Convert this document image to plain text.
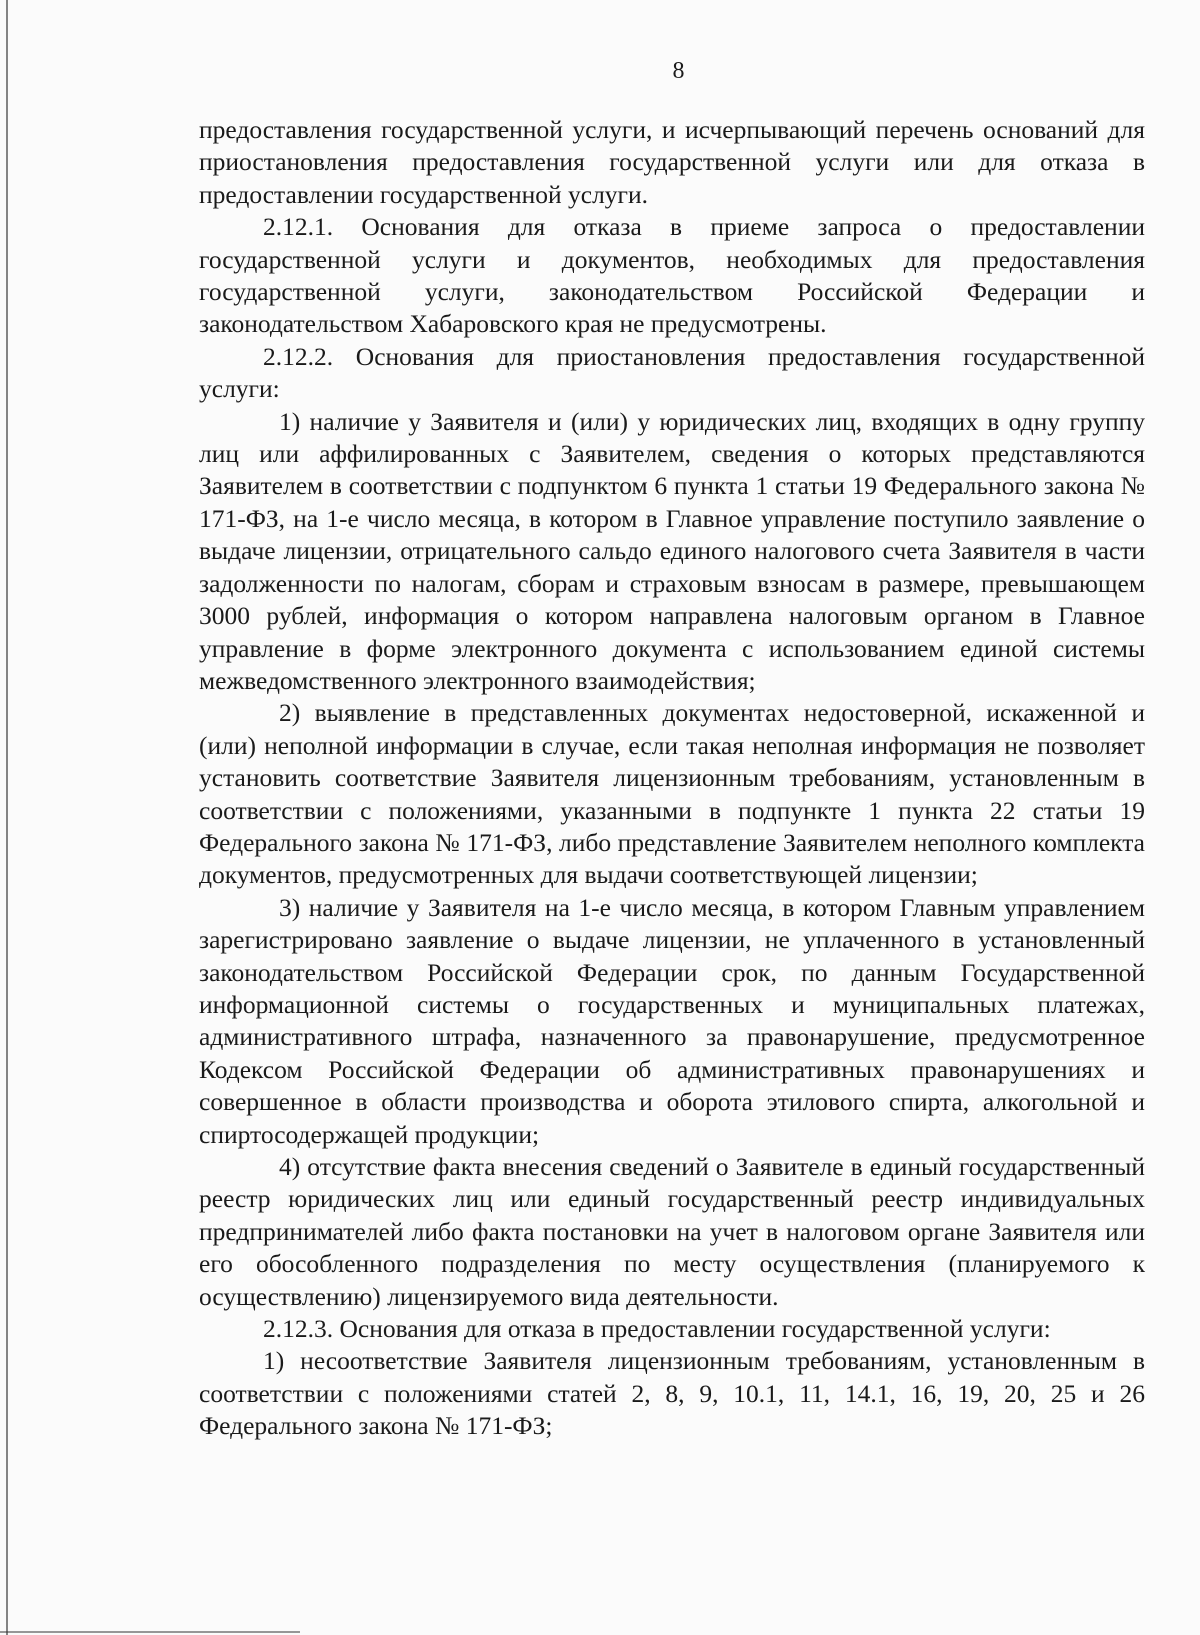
8

предоставления государственной услуги, и исчерпывающий перечень оснований для приостановления предоставления государственной услуги или для отказа в предоставлении государственной услуги.

2.12.1. Основания для отказа в приеме запроса о предоставлении государственной услуги и документов, необходимых для предоставления государственной услуги, законодательством Российской Федерации и законодательством Хабаровского края не предусмотрены.

2.12.2. Основания для приостановления предоставления государственной услуги:

1) наличие у Заявителя и (или) у юридических лиц, входящих в одну группу лиц или аффилированных с Заявителем, сведения о которых представляются Заявителем в соответствии с подпунктом 6 пункта 1 статьи 19 Федерального закона № 171-ФЗ, на 1-е число месяца, в котором в Главное управление поступило заявление о выдаче лицензии, отрицательного сальдо единого налогового счета Заявителя в части задолженности по налогам, сборам и страховым взносам в размере, превышающем 3000 рублей, информация о котором направлена налоговым органом в Главное управление в форме электронного документа с использованием единой системы межведомственного электронного взаимодействия;

2) выявление в представленных документах недостоверной, искаженной и (или) неполной информации в случае, если такая неполная информация не позволяет установить соответствие Заявителя лицензионным требованиям, установленным в соответствии с положениями, указанными в подпункте 1 пункта 22 статьи 19 Федерального закона № 171-ФЗ, либо представление Заявителем неполного комплекта документов, предусмотренных для выдачи соответствующей лицензии;

3) наличие у Заявителя на 1-е число месяца, в котором Главным управлением зарегистрировано заявление о выдаче лицензии, не уплаченного в установленный законодательством Российской Федерации срок, по данным Государственной информационной системы о государственных и муниципальных платежах, административного штрафа, назначенного за правонарушение, предусмотренное Кодексом Российской Федерации об административных правонарушениях и совершенное в области производства и оборота этилового спирта, алкогольной и спиртосодержащей продукции;

4) отсутствие факта внесения сведений о Заявителе в единый государственный реестр юридических лиц или единый государственный реестр индивидуальных предпринимателей либо факта постановки на учет в налоговом органе Заявителя или его обособленного подразделения по месту осуществления (планируемого к осуществлению) лицензируемого вида деятельности.

2.12.3. Основания для отказа в предоставлении государственной услуги:

1) несоответствие Заявителя лицензионным требованиям, установленным в соответствии с положениями статей 2, 8, 9, 10.1, 11, 14.1, 16, 19, 20, 25 и 26 Федерального закона № 171-ФЗ;
